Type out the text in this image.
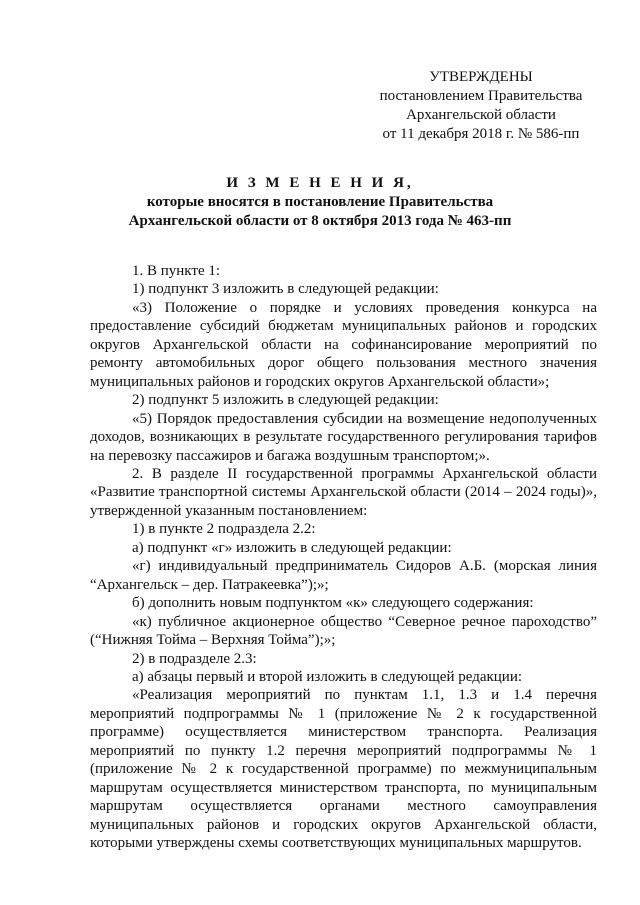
УТВЕРЖДЕНЫ
постановлением Правительства
Архангельской области
от 11 декабря 2018 г. № 586-пп
И З М Е Н Е Н И Я,
которые вносятся в постановление Правительства
Архангельской области от 8 октября 2013 года № 463-пп

1. В пункте 1:

1) подпункт 3 изложить в следующей редакции:

«3) Положение о порядке и условиях проведения конкурса на предоставление субсидий бюджетам муниципальных районов и городских округов Архангельской области на софинансирование мероприятий по ремонту автомобильных дорог общего пользования местного значения муниципальных районов и городских округов Архангельской области»;

2) подпункт 5 изложить в следующей редакции:

«5) Порядок предоставления субсидии на возмещение недополученных доходов, возникающих в результате государственного регулирования тарифов на перевозку пассажиров и багажа воздушным транспортом;».

2. В разделе II государственной программы Архангельской области «Развитие транспортной системы Архангельской области (2014 – 2024 годы)», утвержденной указанным постановлением:

1) в пункте 2 подраздела 2.2:

а) подпункт «г» изложить в следующей редакции:

«г) индивидуальный предприниматель Сидоров А.Б. (морская линия “Архангельск – дер. Патракеевка”);»;

б) дополнить новым подпунктом «к» следующего содержания:

«к) публичное акционерное общество “Северное речное пароходство” (“Нижняя Тойма – Верхняя Тойма”);»;

2) в подразделе 2.3:

а) абзацы первый и второй изложить в следующей редакции:

«Реализация мероприятий по пунктам 1.1, 1.3 и 1.4 перечня мероприятий подпрограммы № 1 (приложение № 2 к государственной программе) осуществляется министерством транспорта. Реализация мероприятий по пункту 1.2 перечня мероприятий подпрограммы № 1 (приложение № 2 к государственной программе) по межмуниципальным маршрутам осуществляется министерством транспорта, по муниципальным маршрутам осуществляется органами местного самоуправления муниципальных районов и городских округов Архангельской области, которыми утверждены схемы соответствующих муниципальных маршрутов.
